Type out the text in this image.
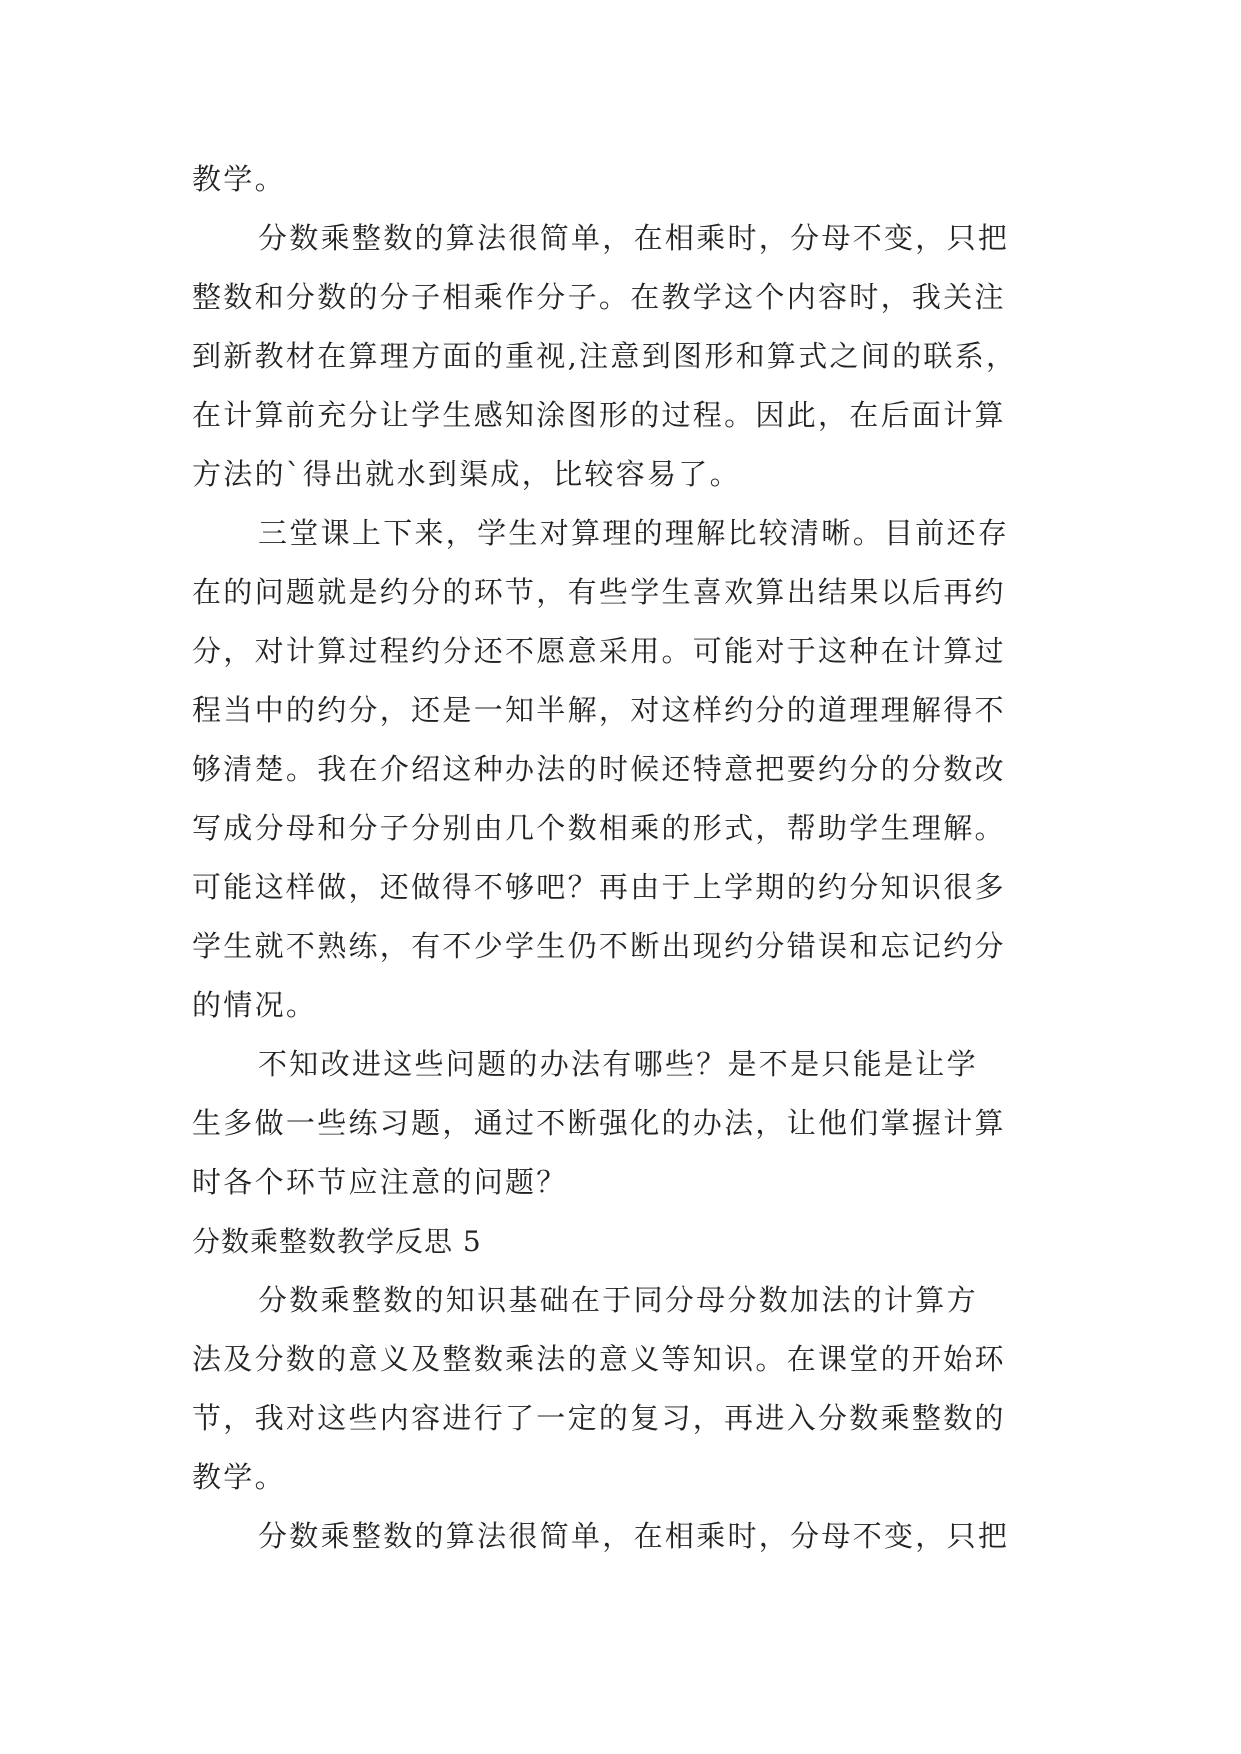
教学。
分数乘整数的算法很简单，在相乘时，分母不变，只把
整数和分数的分子相乘作分子。在教学这个内容时，我关注
到新教材在算理方面的重视,注意到图形和算式之间的联系，
在计算前充分让学生感知涂图形的过程。因此，在后面计算
方法的`得出就水到渠成，比较容易了。
三堂课上下来，学生对算理的理解比较清晰。目前还存
在的问题就是约分的环节，有些学生喜欢算出结果以后再约
分，对计算过程约分还不愿意采用。可能对于这种在计算过
程当中的约分，还是一知半解，对这样约分的道理理解得不
够清楚。我在介绍这种办法的时候还特意把要约分的分数改
写成分母和分子分别由几个数相乘的形式，帮助学生理解。
可能这样做，还做得不够吧？再由于上学期的约分知识很多
学生就不熟练，有不少学生仍不断出现约分错误和忘记约分
的情况。
不知改进这些问题的办法有哪些？是不是只能是让学
生多做一些练习题，通过不断强化的办法，让他们掌握计算
时各个环节应注意的问题？
分数乘整数教学反思 5
分数乘整数的知识基础在于同分母分数加法的计算方
法及分数的意义及整数乘法的意义等知识。在课堂的开始环
节，我对这些内容进行了一定的复习，再进入分数乘整数的
教学。
分数乘整数的算法很简单，在相乘时，分母不变，只把
